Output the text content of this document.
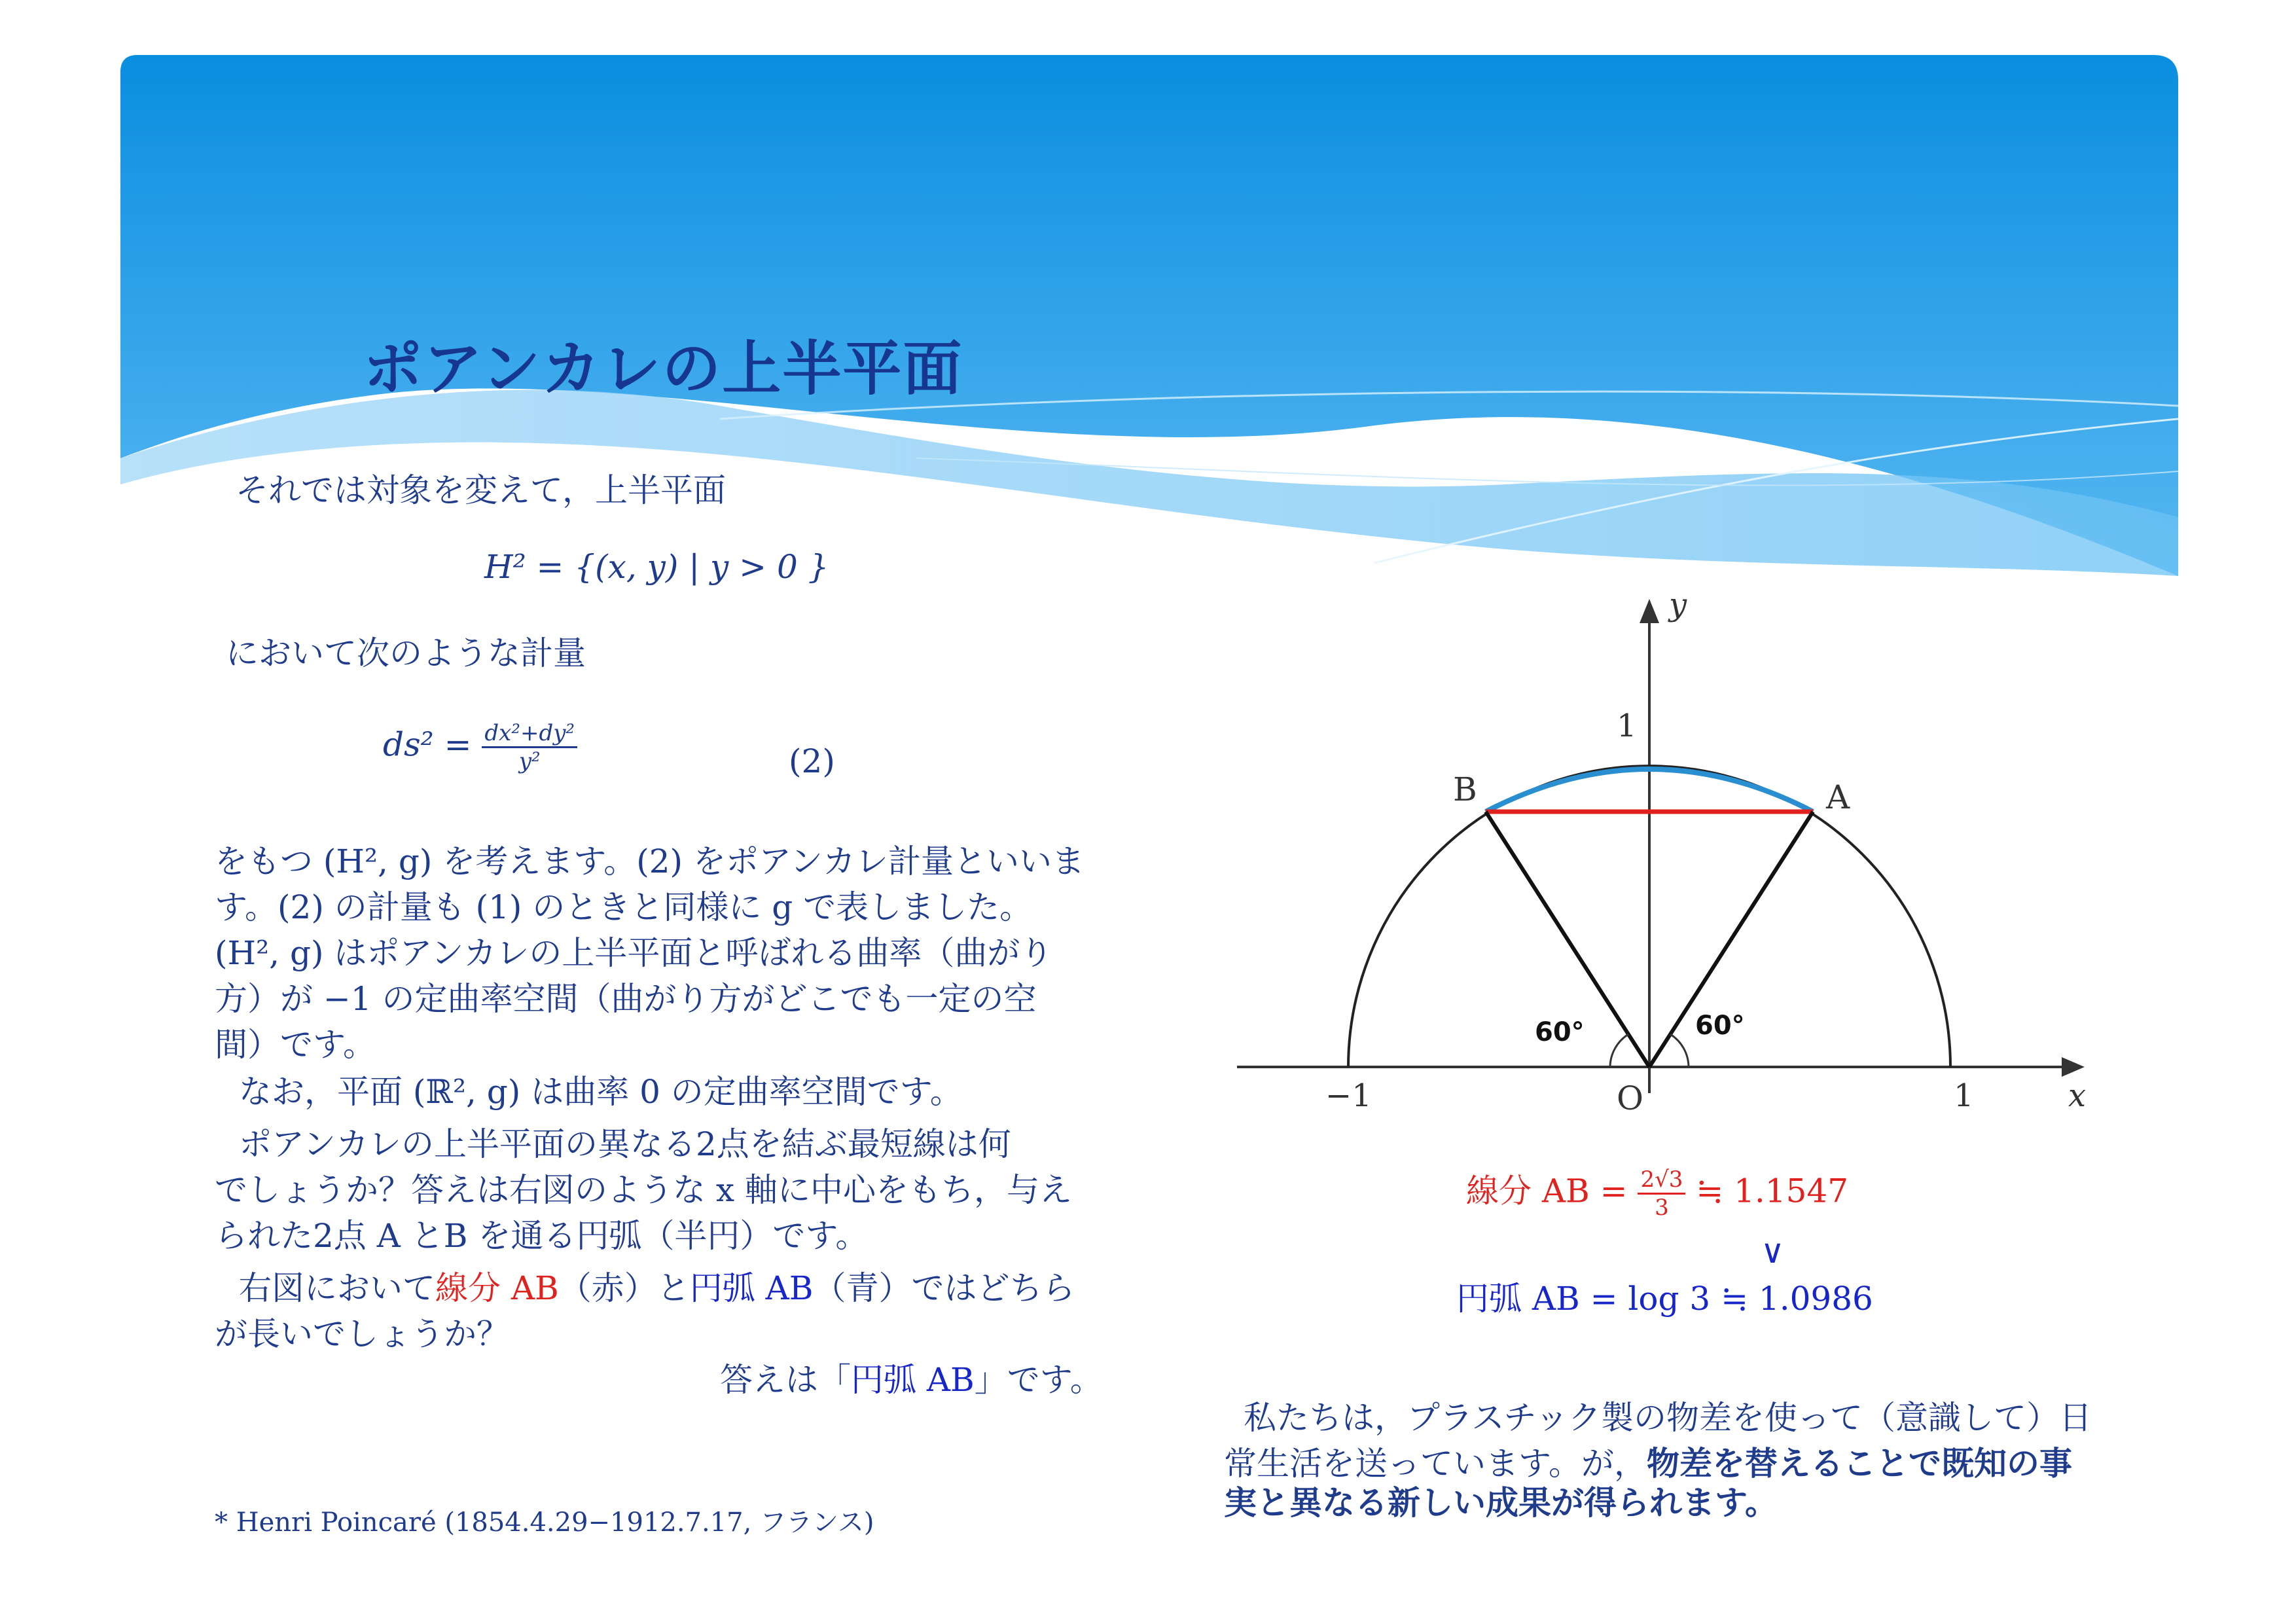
ポアンカレの上半平面
それでは対象を変えて，上半平面
H² = {(x, y) | y > 0 }
において次のような計量
$ds^2 = \frac{\text{dx²+dy²}}{\text{y²}}$	(2)
をもつ (H², g) を考えます。(2) をポアンカレ計量といいま
す。(2) の計量も (1) のときと同様に g で表しました。
(H², g) はポアンカレの上半平面と呼ばれる曲率（曲がり
方）が −1 の定曲率空間（曲がり方がどこでも一定の空
間）です。
なお，平面 (ℝ², g) は曲率 0 の定曲率空間です。
ポアンカレの上半平面の異なる2点を結ぶ最短線は何
でしょうか？答えは右図のような x 軸に中心をもち，与え
られた2点 A とB を通る円弧（半円）です。
右図において線分 AB（赤）と円弧 AB（青）ではどちら
が長いでしょうか？
答えは「円弧 AB」です。
* Henri Poincaré (1854.4.29−1912.7.17, フランス)
y
x
1
B	A
O
−1	1
60°	60°
線分 AB = $\frac{2√3}{3}$ ≒ 1.1547
∨
円弧 AB = log 3 ≒ 1.0986
私たちは，プラスチック製の物差を使って（意識して）日
常生活を送っています。が，物差を替えることで既知の事
実と異なる新しい成果が得られます。
